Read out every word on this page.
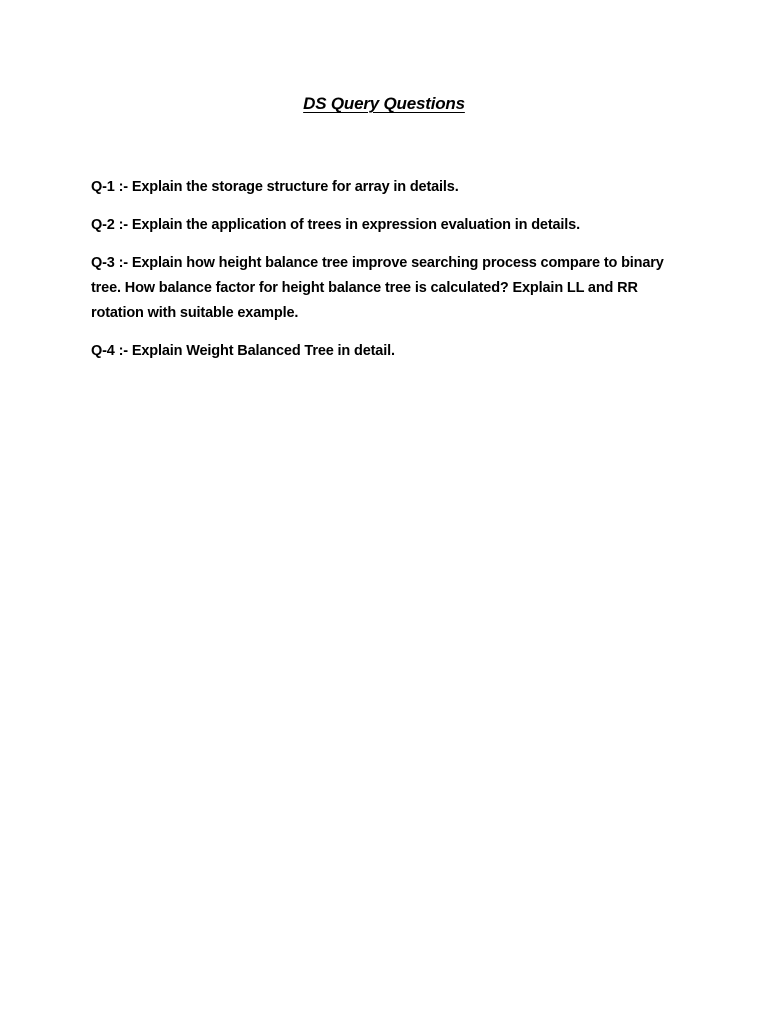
DS Query Questions

Q-1 :- Explain the storage structure for array in details.

Q-2 :- Explain the application of trees in expression evaluation in details.

Q-3 :- Explain how height balance tree improve searching process compare to binary tree. How balance factor for height balance tree is calculated? Explain LL and RR rotation with suitable example.

Q-4 :- Explain Weight Balanced Tree in detail.
